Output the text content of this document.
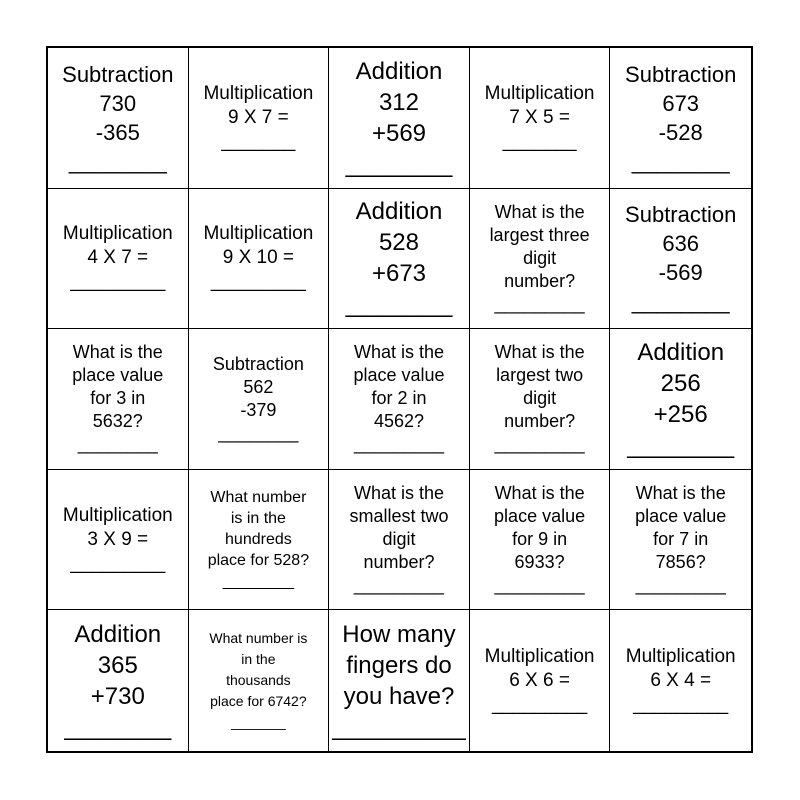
Subtraction
730
-365
________
Multiplication
9 X 7 =
_______
Addition
312
+569
________
Multiplication
7 X 5 =
_______
Subtraction
673
-528
________
Multiplication
4 X 7 =
_________
Multiplication
9 X 10 =
_________
Addition
528
+673
________
What is the
largest three
digit
number?
_________
Subtraction
636
-569
________
What is the
place value
for 3 in
5632?
________
Subtraction
562
-379
________
What is the
place value
for 2 in
4562?
_________
What is the
largest two
digit
number?
_________
Addition
256
+256
________
Multiplication
3 X 9 =
_________
What number
is in the
hundreds
place for 528?
________
What is the
smallest two
digit
number?
_________
What is the
place value
for 9 in
6933?
_________
What is the
place value
for 7 in
7856?
_________
Addition
365
+730
________
What number is
in the
thousands
place for 6742?
_______
How many
fingers do
you have?
__________
Multiplication
6 X 6 =
_________
Multiplication
6 X 4 =
_________
